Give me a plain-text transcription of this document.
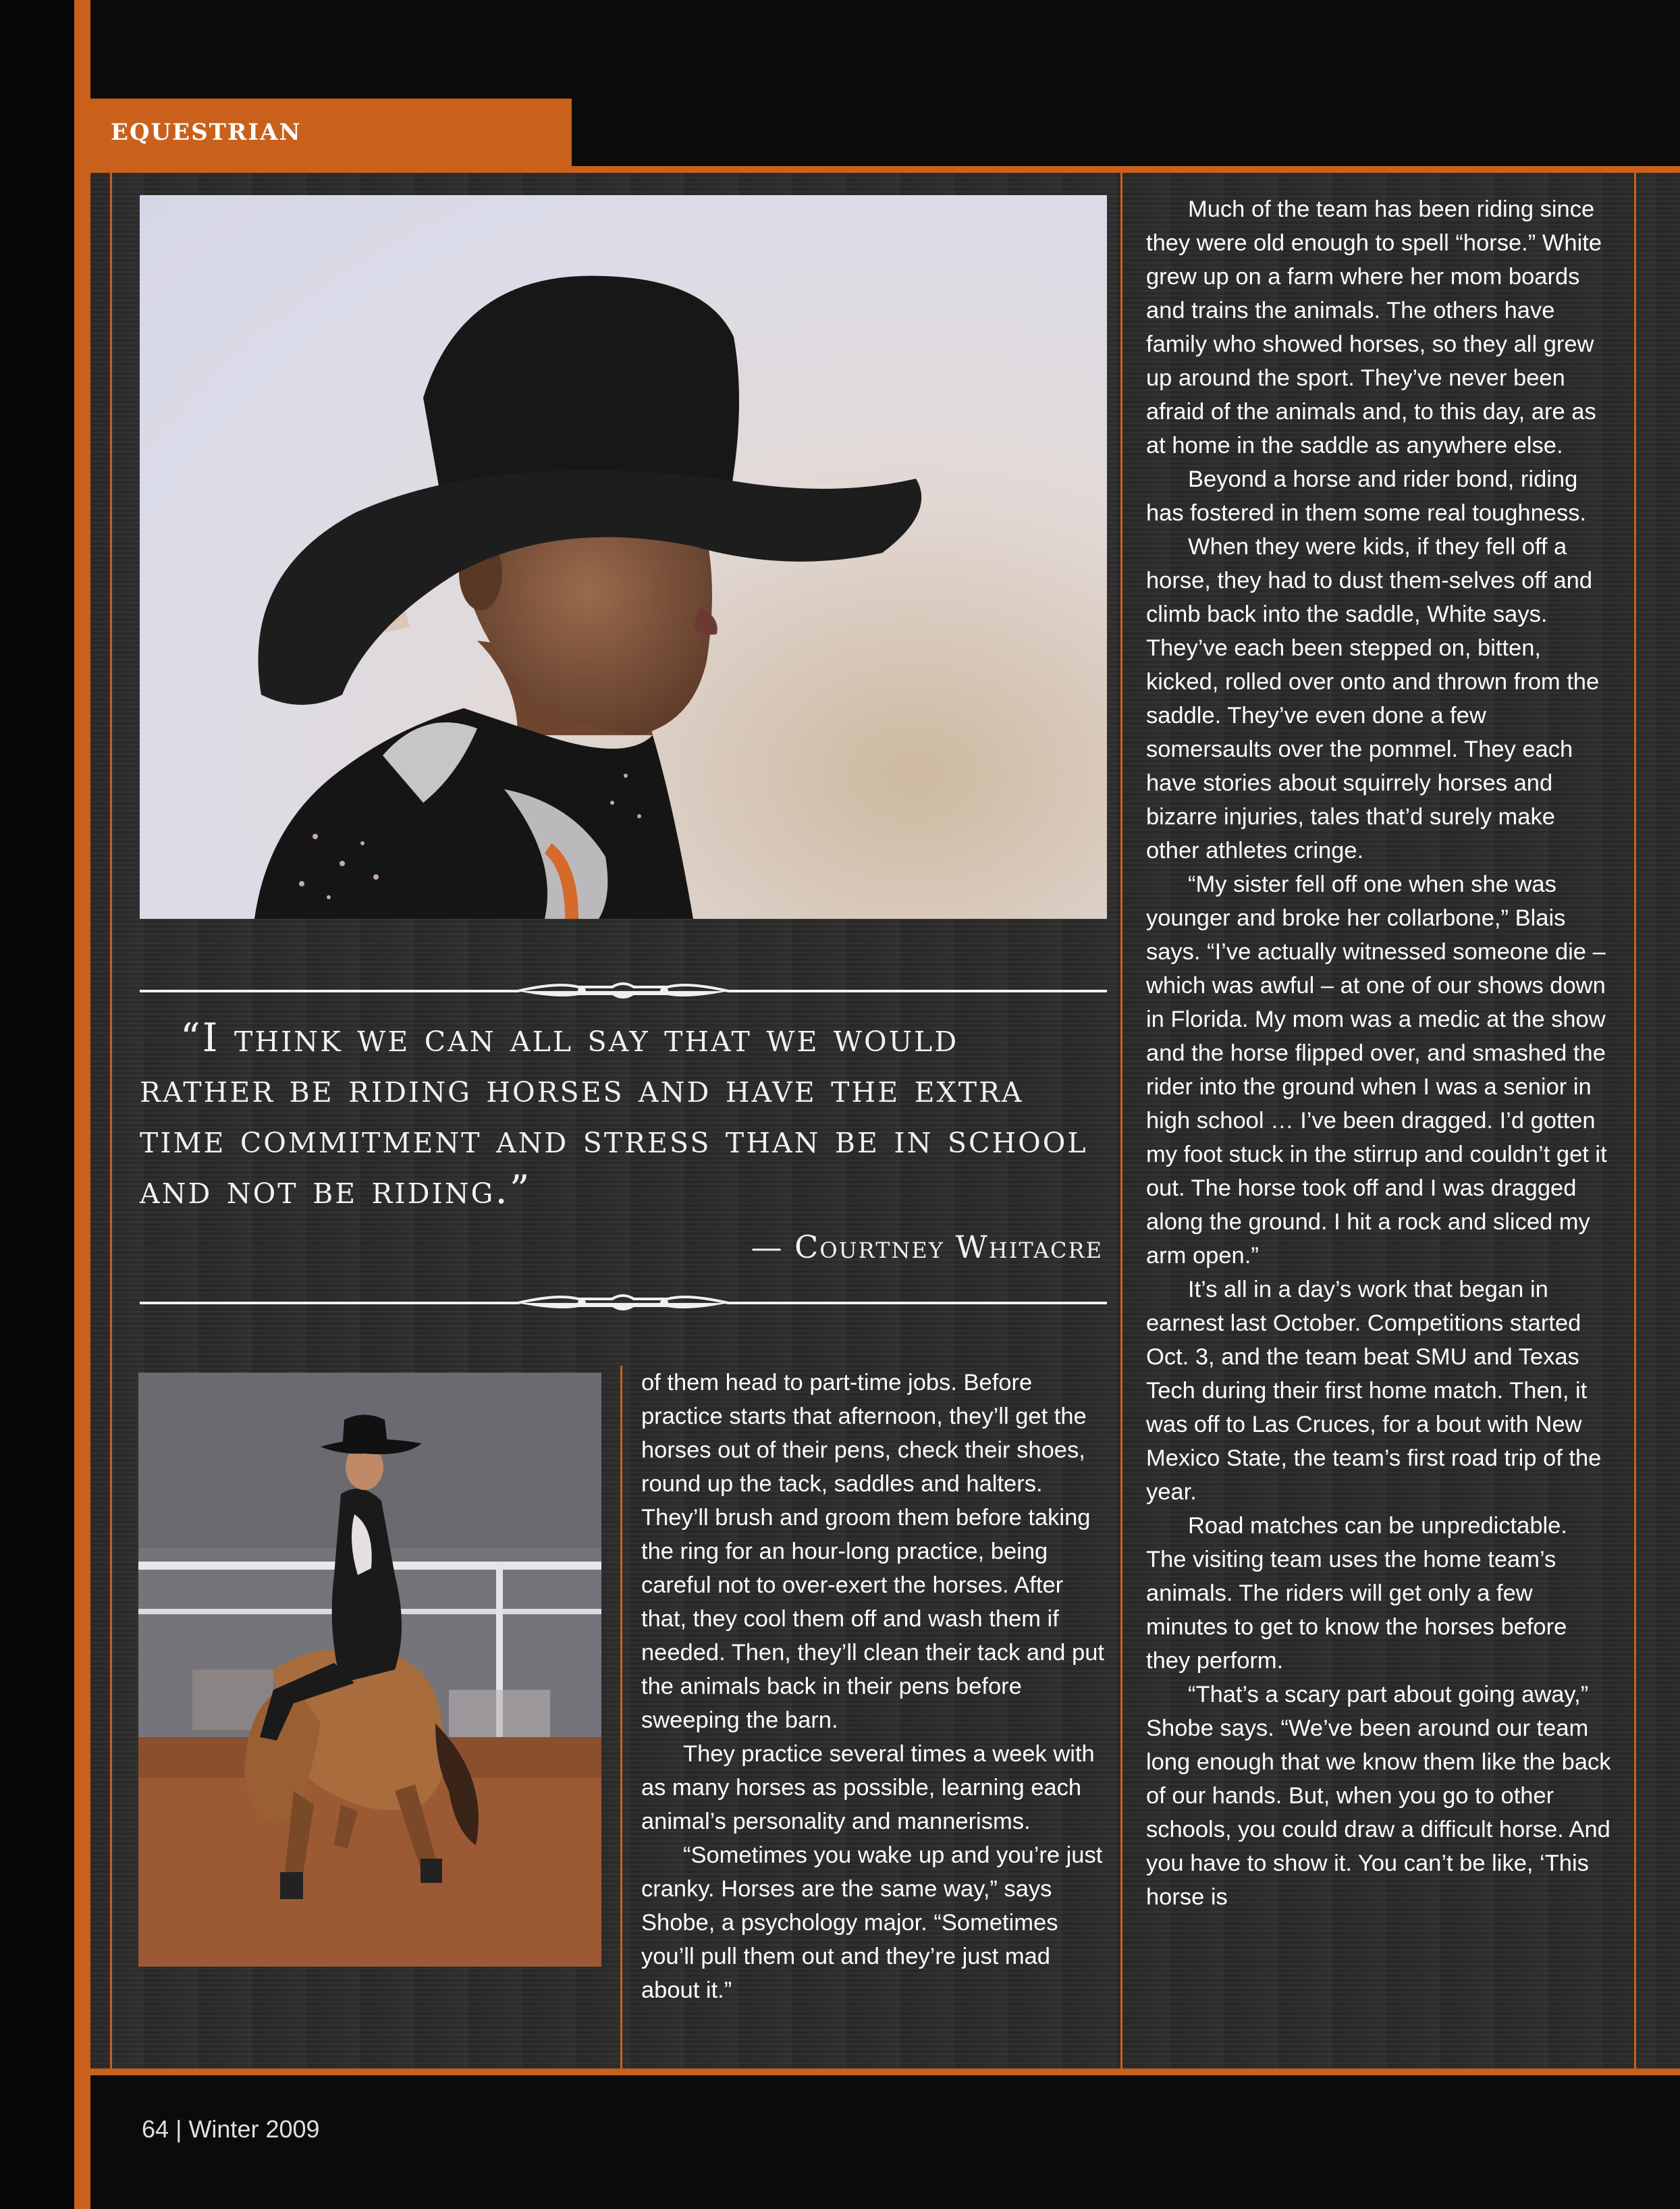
EQUESTRIAN
“I think we can all say that we would rather be riding horses and have the extra time commitment and stress than be in school and not be riding.”
— Courtney Whitacre

of them head to part-time jobs. Before practice starts that afternoon, they’ll get the horses out of their pens, check their shoes, round up the tack, saddles and halters. They’ll brush and groom them before taking the ring for an hour-long practice, being careful not to over-exert the horses. After that, they cool them off and wash them if needed. Then, they’ll clean their tack and put the animals back in their pens before sweeping the barn.

They practice several times a week with as many horses as possible, learning each animal’s personality and mannerisms.

“Sometimes you wake up and you’re just cranky. Horses are the same way,” says Shobe, a psychology major. “Sometimes you’ll pull them out and they’re just mad about it.”

Much of the team has been riding since they were old enough to spell “horse.” White grew up on a farm where her mom boards and trains the animals. The others have family who showed horses, so they all grew up around the sport. They’ve never been afraid of the animals and, to this day, are as at home in the saddle as anywhere else.

Beyond a horse and rider bond, riding has fostered in them some real toughness.

When they were kids, if they fell off a horse, they had to dust them-selves off and climb back into the saddle, White says. They’ve each been stepped on, bitten, kicked, rolled over onto and thrown from the saddle. They’ve even done a few somersaults over the pommel. They each have stories about squirrely horses and bizarre injuries, tales that’d surely make other athletes cringe.

“My sister fell off one when she was younger and broke her collarbone,” Blais says. “I’ve actually witnessed someone die – which was awful – at one of our shows down in Florida. My mom was a medic at the show and the horse flipped over, and smashed the rider into the ground when I was a senior in high school … I’ve been dragged. I’d gotten my foot stuck in the stirrup and couldn’t get it out. The horse took off and I was dragged along the ground. I hit a rock and sliced my arm open.”

It’s all in a day’s work that began in earnest last October. Competitions started Oct. 3, and the team beat SMU and Texas Tech during their first home match. Then, it was off to Las Cruces, for a bout with New Mexico State, the team’s first road trip of the year.

Road matches can be unpredictable. The visiting team uses the home team’s animals. The riders will get only a few minutes to get to know the horses before they perform.

“That’s a scary part about going away,” Shobe says. “We’ve been around our team long enough that we know them like the back of our hands. But, when you go to other schools, you could draw a difficult horse. And you have to show it. You can’t be like, ‘This horse is

64 | Winter 2009
